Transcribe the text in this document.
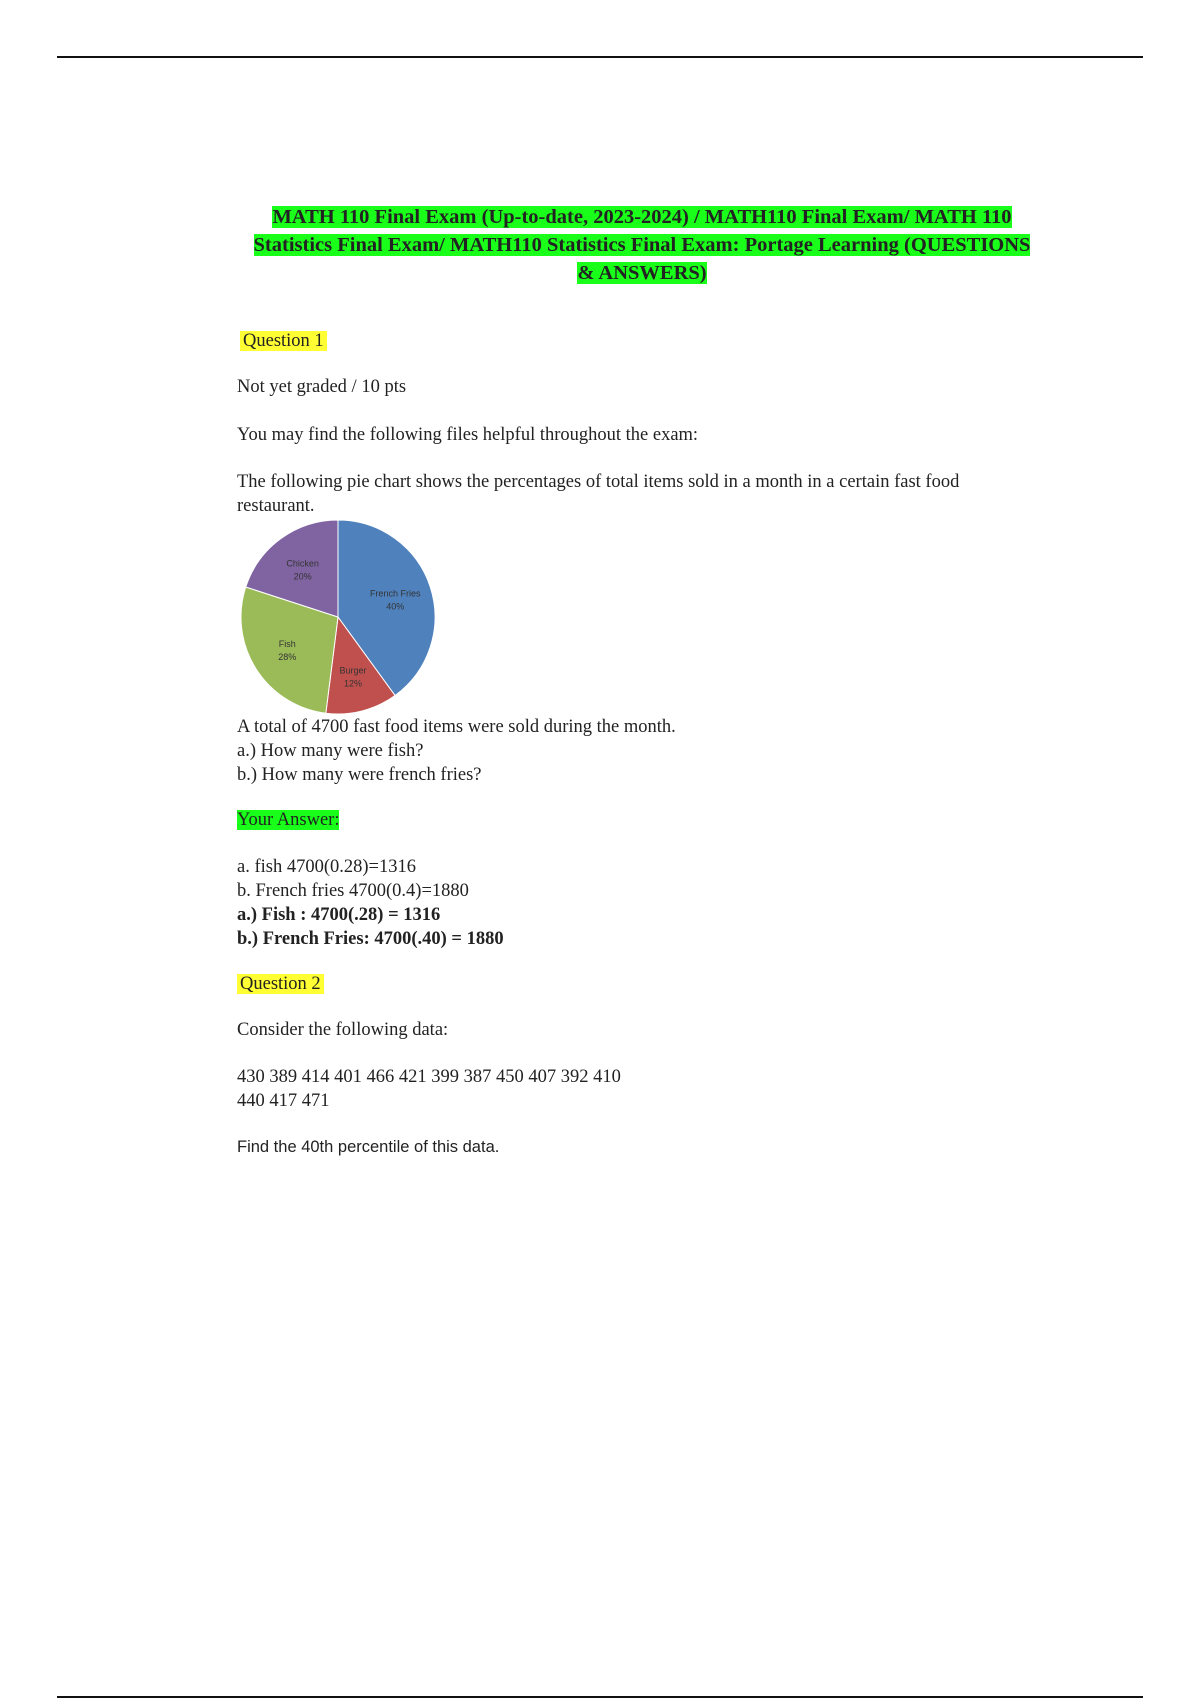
MATH 110 Final Exam (Up-to-date, 2023-2024) / MATH110 Final Exam/ MATH 110
Statistics Final Exam/ MATH110 Statistics Final Exam: Portage Learning (QUESTIONS
& ANSWERS)
Question 1
Not yet graded / 10 pts
You may find the following files helpful throughout the exam:
The following pie chart shows the percentages of total items sold in a month in a certain fast food
restaurant.
French Fries
40%
Burger
12%
Fish
28%
Chicken
20%
A total of 4700 fast food items were sold during the month.
a.) How many were fish?
b.) How many were french fries?
Your Answer:
a. fish 4700(0.28)=1316
b. French fries 4700(0.4)=1880
a.) Fish : 4700(.28) = 1316
b.) French Fries: 4700(.40) = 1880
Question 2
Consider the following data:
430 389 414 401 466 421 399 387 450 407 392 410
440 417 471
Find the 40th percentile of this data.
